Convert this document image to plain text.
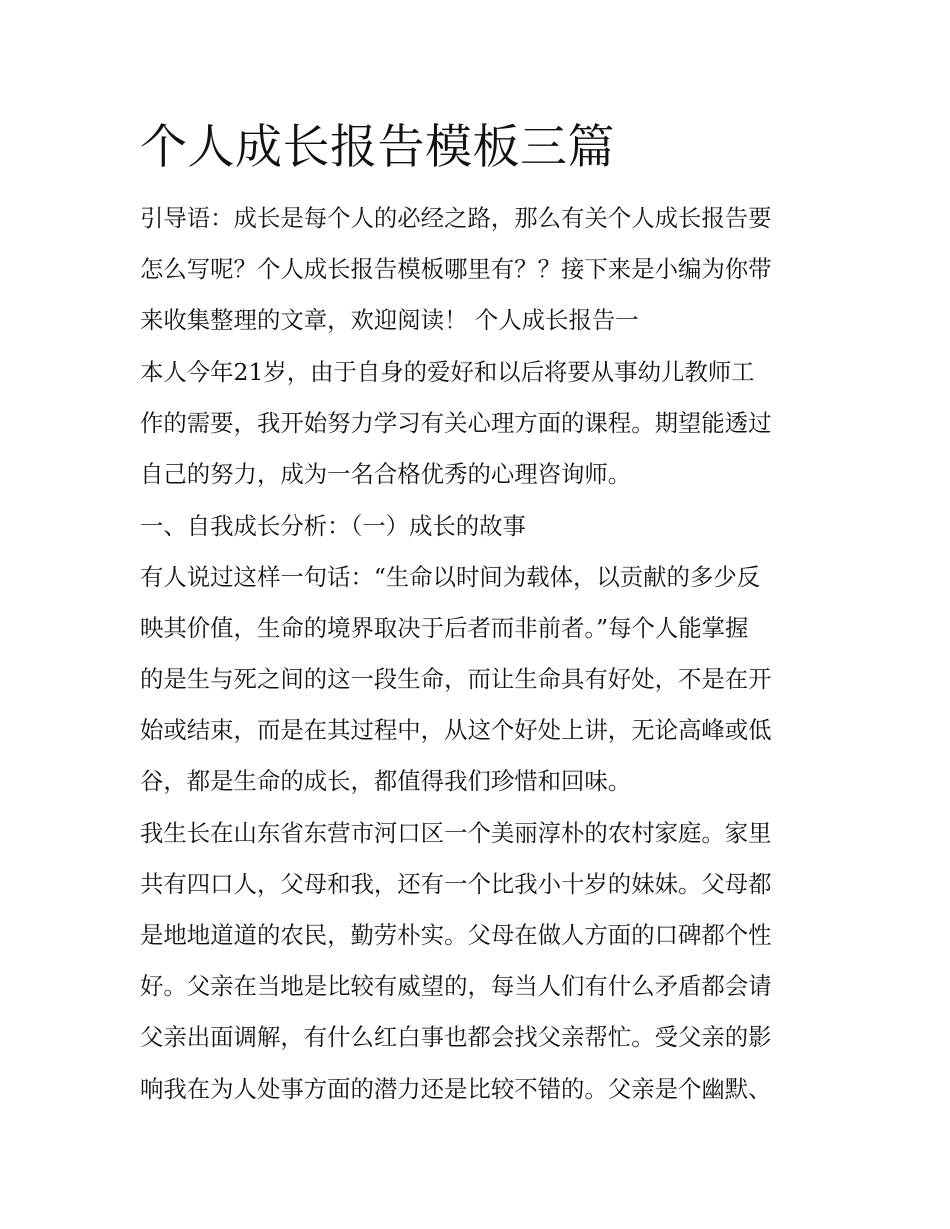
个人成长报告模板三篇

引导语：成长是每个人的必经之路，那么有关个人成长报告要

怎么写呢？个人成长报告模板哪里有？？接下来是小编为你带

来收集整理的文章，欢迎阅读！ 个人成长报告一

本人今年21岁，由于自身的爱好和以后将要从事幼儿教师工

作的需要，我开始努力学习有关心理方面的课程。期望能透过

自己的努力，成为一名合格优秀的心理咨询师。

一、自我成长分析：（一）成长的故事

有人说过这样一句话：“生命以时间为载体，以贡献的多少反

映其价值，生命的境界取决于后者而非前者。”每个人能掌握

的是生与死之间的这一段生命，而让生命具有好处，不是在开

始或结束，而是在其过程中，从这个好处上讲，无论高峰或低

谷，都是生命的成长，都值得我们珍惜和回味。

我生长在山东省东营市河口区一个美丽淳朴的农村家庭。家里

共有四口人，父母和我，还有一个比我小十岁的妹妹。父母都

是地地道道的农民，勤劳朴实。父母在做人方面的口碑都个性

好。父亲在当地是比较有威望的，每当人们有什么矛盾都会请

父亲出面调解，有什么红白事也都会找父亲帮忙。受父亲的影

响我在为人处事方面的潜力还是比较不错的。父亲是个幽默、
